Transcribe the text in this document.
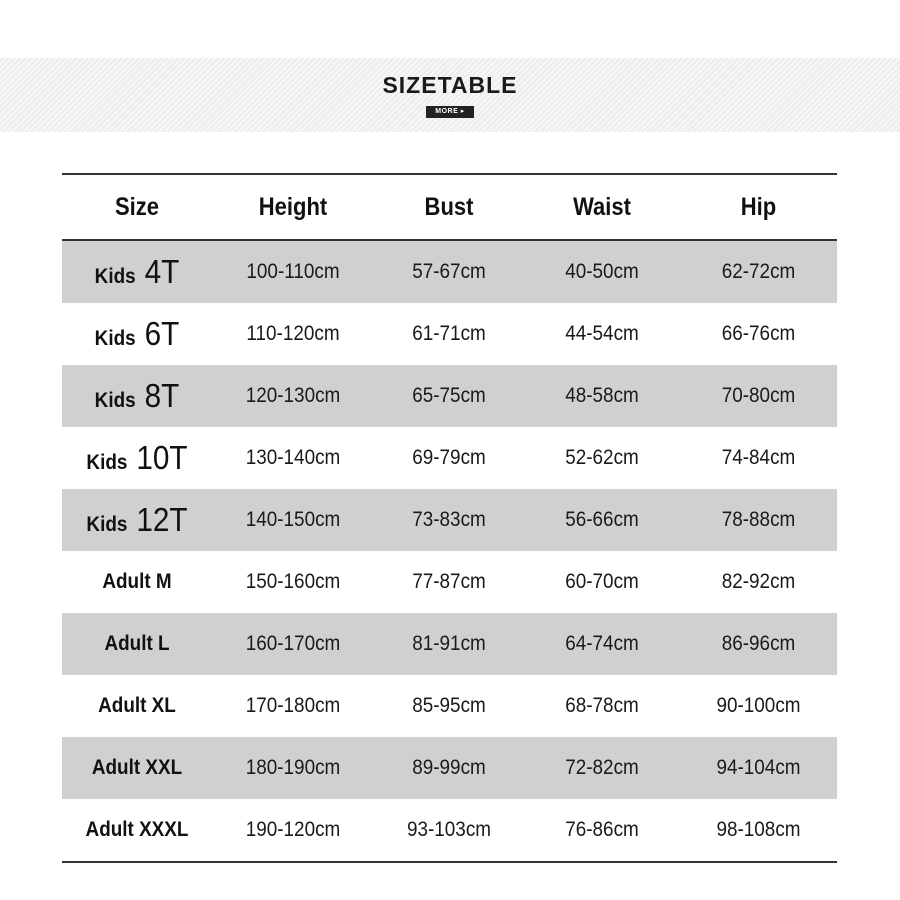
SIZETABLE
MORE ▸
Size	Height	Bust	Waist	Hip
Kids 4T	100-110cm	57-67cm	40-50cm	62-72cm
Kids 6T	110-120cm	61-71cm	44-54cm	66-76cm
Kids 8T	120-130cm	65-75cm	48-58cm	70-80cm
Kids 10T	130-140cm	69-79cm	52-62cm	74-84cm
Kids 12T	140-150cm	73-83cm	56-66cm	78-88cm
Adult M	150-160cm	77-87cm	60-70cm	82-92cm
Adult L	160-170cm	81-91cm	64-74cm	86-96cm
Adult XL	170-180cm	85-95cm	68-78cm	90-100cm
Adult XXL	180-190cm	89-99cm	72-82cm	94-104cm
Adult XXXL	190-120cm	93-103cm	76-86cm	98-108cm
